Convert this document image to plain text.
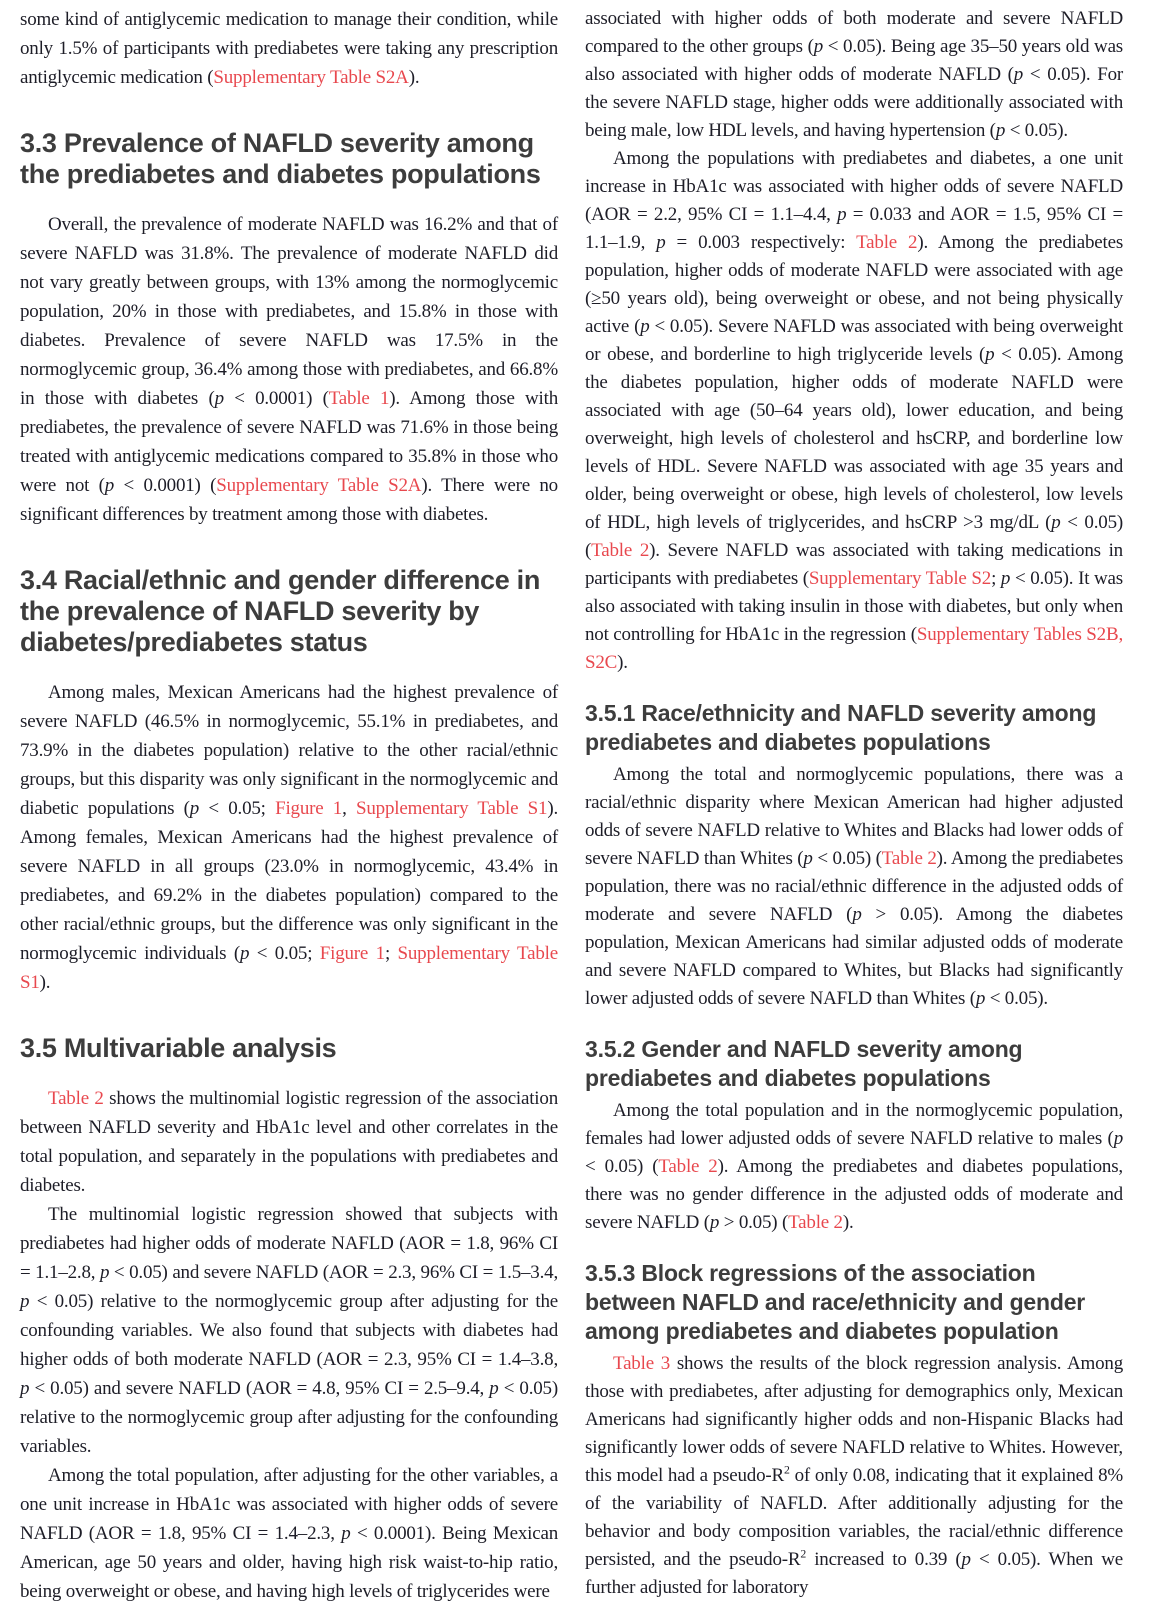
some kind of antiglycemic medication to manage their condition, while only 1.5% of participants with prediabetes were taking any prescription antiglycemic medication (Supplementary Table S2A).

3.3 Prevalence of NAFLD severity among the prediabetes and diabetes populations

Overall, the prevalence of moderate NAFLD was 16.2% and that of severe NAFLD was 31.8%. The prevalence of moderate NAFLD did not vary greatly between groups, with 13% among the normoglycemic population, 20% in those with prediabetes, and 15.8% in those with diabetes. Prevalence of severe NAFLD was 17.5% in the normoglycemic group, 36.4% among those with prediabetes, and 66.8% in those with diabetes (p < 0.0001) (Table 1). Among those with prediabetes, the prevalence of severe NAFLD was 71.6% in those being treated with antiglycemic medications compared to 35.8% in those who were not (p < 0.0001) (Supplementary Table S2A). There were no significant differences by treatment among those with diabetes.

3.4 Racial/ethnic and gender difference in the prevalence of NAFLD severity by diabetes/prediabetes status

Among males, Mexican Americans had the highest prevalence of severe NAFLD (46.5% in normoglycemic, 55.1% in prediabetes, and 73.9% in the diabetes population) relative to the other racial/ethnic groups, but this disparity was only significant in the normoglycemic and diabetic populations (p < 0.05; Figure 1, Supplementary Table S1). Among females, Mexican Americans had the highest prevalence of severe NAFLD in all groups (23.0% in normoglycemic, 43.4% in prediabetes, and 69.2% in the diabetes population) compared to the other racial/ethnic groups, but the difference was only significant in the normoglycemic individuals (p < 0.05; Figure 1; Supplementary Table S1).

3.5 Multivariable analysis

Table 2 shows the multinomial logistic regression of the association between NAFLD severity and HbA1c level and other correlates in the total population, and separately in the populations with prediabetes and diabetes.

The multinomial logistic regression showed that subjects with prediabetes had higher odds of moderate NAFLD (AOR = 1.8, 96% CI = 1.1–2.8, p < 0.05) and severe NAFLD (AOR = 2.3, 96% CI = 1.5–3.4, p < 0.05) relative to the normoglycemic group after adjusting for the confounding variables. We also found that subjects with diabetes had higher odds of both moderate NAFLD (AOR = 2.3, 95% CI = 1.4–3.8, p < 0.05) and severe NAFLD (AOR = 4.8, 95% CI = 2.5–9.4, p < 0.05) relative to the normoglycemic group after adjusting for the confounding variables.

Among the total population, after adjusting for the other variables, a one unit increase in HbA1c was associated with higher odds of severe NAFLD (AOR = 1.8, 95% CI = 1.4–2.3, p < 0.0001). Being Mexican American, age 50 years and older, having high risk waist-to-hip ratio, being overweight or obese, and having high levels of triglycerides were

associated with higher odds of both moderate and severe NAFLD compared to the other groups (p < 0.05). Being age 35–50 years old was also associated with higher odds of moderate NAFLD (p < 0.05). For the severe NAFLD stage, higher odds were additionally associated with being male, low HDL levels, and having hypertension (p < 0.05).

Among the populations with prediabetes and diabetes, a one unit increase in HbA1c was associated with higher odds of severe NAFLD (AOR = 2.2, 95% CI = 1.1–4.4, p = 0.033 and AOR = 1.5, 95% CI = 1.1–1.9, p = 0.003 respectively: Table 2). Among the prediabetes population, higher odds of moderate NAFLD were associated with age (≥50 years old), being overweight or obese, and not being physically active (p < 0.05). Severe NAFLD was associated with being overweight or obese, and borderline to high triglyceride levels (p < 0.05). Among the diabetes population, higher odds of moderate NAFLD were associated with age (50–64 years old), lower education, and being overweight, high levels of cholesterol and hsCRP, and borderline low levels of HDL. Severe NAFLD was associated with age 35 years and older, being overweight or obese, high levels of cholesterol, low levels of HDL, high levels of triglycerides, and hsCRP >3 mg/dL (p < 0.05) (Table 2). Severe NAFLD was associated with taking medications in participants with prediabetes (Supplementary Table S2; p < 0.05). It was also associated with taking insulin in those with diabetes, but only when not controlling for HbA1c in the regression (Supplementary Tables S2B, S2C).

3.5.1 Race/ethnicity and NAFLD severity among prediabetes and diabetes populations

Among the total and normoglycemic populations, there was a racial/ethnic disparity where Mexican American had higher adjusted odds of severe NAFLD relative to Whites and Blacks had lower odds of severe NAFLD than Whites (p < 0.05) (Table 2). Among the prediabetes population, there was no racial/ethnic difference in the adjusted odds of moderate and severe NAFLD (p > 0.05). Among the diabetes population, Mexican Americans had similar adjusted odds of moderate and severe NAFLD compared to Whites, but Blacks had significantly lower adjusted odds of severe NAFLD than Whites (p < 0.05).

3.5.2 Gender and NAFLD severity among prediabetes and diabetes populations

Among the total population and in the normoglycemic population, females had lower adjusted odds of severe NAFLD relative to males (p < 0.05) (Table 2). Among the prediabetes and diabetes populations, there was no gender difference in the adjusted odds of moderate and severe NAFLD (p > 0.05) (Table 2).

3.5.3 Block regressions of the association between NAFLD and race/ethnicity and gender among prediabetes and diabetes population

Table 3 shows the results of the block regression analysis. Among those with prediabetes, after adjusting for demographics only, Mexican Americans had significantly higher odds and non-Hispanic Blacks had significantly lower odds of severe NAFLD relative to Whites. However, this model had a pseudo-$R^2$ of only 0.08, indicating that it explained 8% of the variability of NAFLD. After additionally adjusting for the behavior and body composition variables, the racial/ethnic difference persisted, and the pseudo-$R^2$ increased to 0.39 (p < 0.05). When we further adjusted for laboratory
